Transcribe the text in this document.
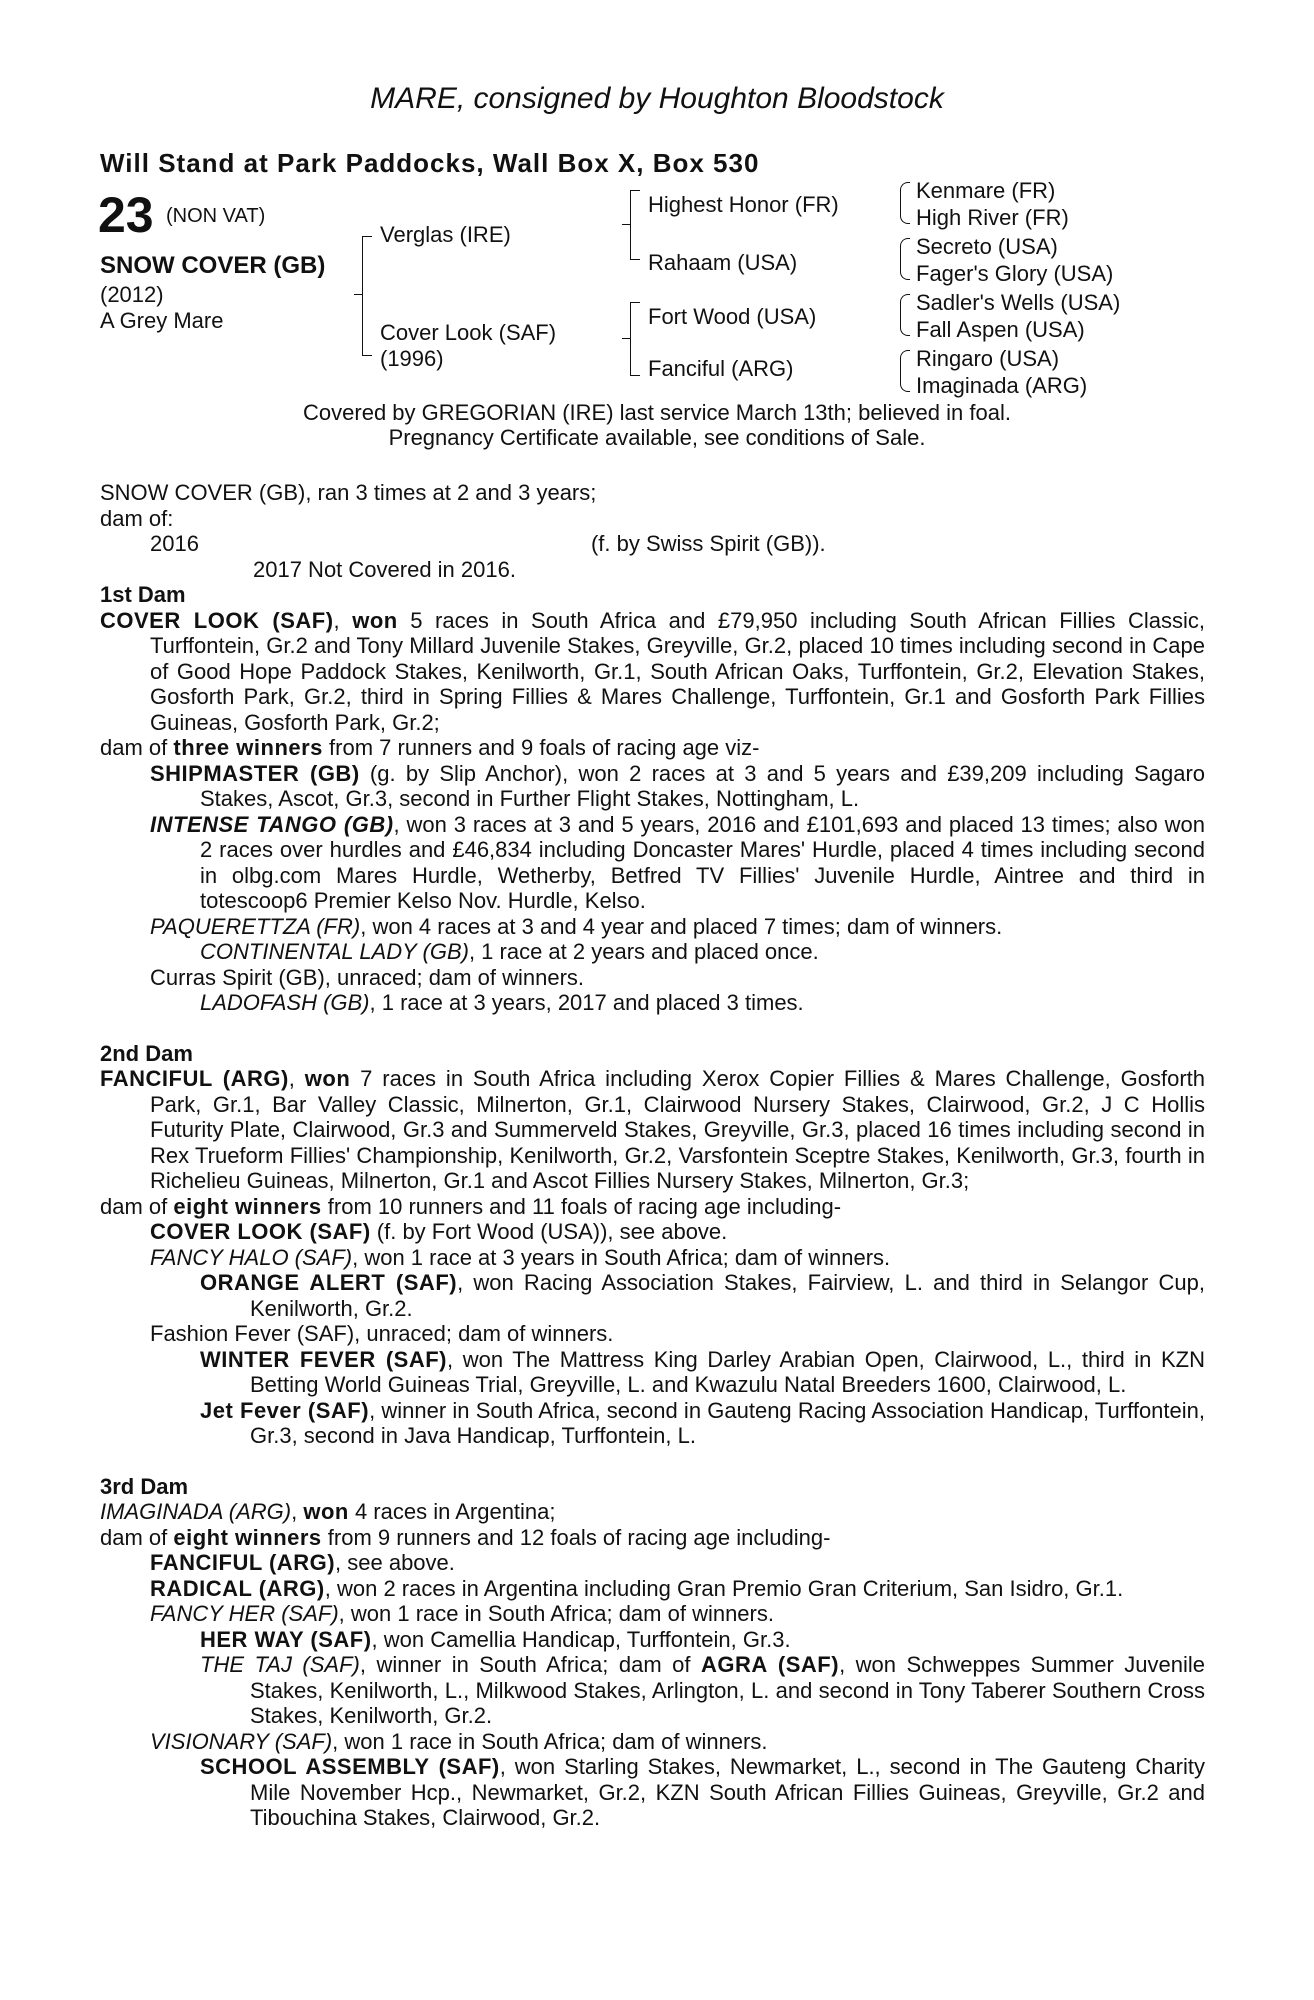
MARE, consigned by Houghton Bloodstock
Will Stand at Park Paddocks, Wall Box X, Box 530
23 (NON VAT)
SNOW COVER (GB)
(2012)
A Grey Mare
Verglas (IRE)
Cover Look (SAF)
(1996)
Highest Honor (FR)
Rahaam (USA)
Fort Wood (USA)
Fanciful (ARG)
Kenmare (FR)
High River (FR)
Secreto (USA)
Fager's Glory (USA)
Sadler's Wells (USA)
Fall Aspen (USA)
Ringaro (USA)
Imaginada (ARG)
Covered by GREGORIAN (IRE) last service March 13th; believed in foal.
Pregnancy Certificate available, see conditions of Sale.

SNOW COVER (GB), ran 3 times at 2 and 3 years;

dam of:

2016	(f. by Swiss Spirit (GB)).

2017 Not Covered in 2016.

1st Dam

COVER LOOK (SAF), won 5 races in South Africa and £79,950 including South African Fillies Classic, Turffontein, Gr.2 and Tony Millard Juvenile Stakes, Greyville, Gr.2, placed 10 times including second in Cape of Good Hope Paddock Stakes, Kenilworth, Gr.1, South African Oaks, Turffontein, Gr.2, Elevation Stakes, Gosforth Park, Gr.2, third in Spring Fillies & Mares Challenge, Turffontein, Gr.1 and Gosforth Park Fillies Guineas, Gosforth Park, Gr.2;

dam of three winners from 7 runners and 9 foals of racing age viz-

SHIPMASTER (GB) (g. by Slip Anchor), won 2 races at 3 and 5 years and £39,209 including Sagaro Stakes, Ascot, Gr.3, second in Further Flight Stakes, Nottingham, L.

INTENSE TANGO (GB), won 3 races at 3 and 5 years, 2016 and £101,693 and placed 13 times; also won 2 races over hurdles and £46,834 including Doncaster Mares' Hurdle, placed 4 times including second in olbg.com Mares Hurdle, Wetherby, Betfred TV Fillies' Juvenile Hurdle, Aintree and third in totescoop6 Premier Kelso Nov. Hurdle, Kelso.

PAQUERETTZA (FR), won 4 races at 3 and 4 year and placed 7 times; dam of winners.

CONTINENTAL LADY (GB), 1 race at 2 years and placed once.

Curras Spirit (GB), unraced; dam of winners.

LADOFASH (GB), 1 race at 3 years, 2017 and placed 3 times.

2nd Dam

FANCIFUL (ARG), won 7 races in South Africa including Xerox Copier Fillies & Mares Challenge, Gosforth Park, Gr.1, Bar Valley Classic, Milnerton, Gr.1, Clairwood Nursery Stakes, Clairwood, Gr.2, J C Hollis Futurity Plate, Clairwood, Gr.3 and Summerveld Stakes, Greyville, Gr.3, placed 16 times including second in Rex Trueform Fillies' Championship, Kenilworth, Gr.2, Varsfontein Sceptre Stakes, Kenilworth, Gr.3, fourth in Richelieu Guineas, Milnerton, Gr.1 and Ascot Fillies Nursery Stakes, Milnerton, Gr.3;

dam of eight winners from 10 runners and 11 foals of racing age including-

COVER LOOK (SAF) (f. by Fort Wood (USA)), see above.

FANCY HALO (SAF), won 1 race at 3 years in South Africa; dam of winners.

ORANGE ALERT (SAF), won Racing Association Stakes, Fairview, L. and third in Selangor Cup, Kenilworth, Gr.2.

Fashion Fever (SAF), unraced; dam of winners.

WINTER FEVER (SAF), won The Mattress King Darley Arabian Open, Clairwood, L., third in KZN Betting World Guineas Trial, Greyville, L. and Kwazulu Natal Breeders 1600, Clairwood, L.

Jet Fever (SAF), winner in South Africa, second in Gauteng Racing Association Handicap, Turffontein, Gr.3, second in Java Handicap, Turffontein, L.

3rd Dam

IMAGINADA (ARG), won 4 races in Argentina;

dam of eight winners from 9 runners and 12 foals of racing age including-

FANCIFUL (ARG), see above.

RADICAL (ARG), won 2 races in Argentina including Gran Premio Gran Criterium, San Isidro, Gr.1.

FANCY HER (SAF), won 1 race in South Africa; dam of winners.

HER WAY (SAF), won Camellia Handicap, Turffontein, Gr.3.

THE TAJ (SAF), winner in South Africa; dam of AGRA (SAF), won Schweppes Summer Juvenile Stakes, Kenilworth, L., Milkwood Stakes, Arlington, L. and second in Tony Taberer Southern Cross Stakes, Kenilworth, Gr.2.

VISIONARY (SAF), won 1 race in South Africa; dam of winners.

SCHOOL ASSEMBLY (SAF), won Starling Stakes, Newmarket, L., second in The Gauteng Charity Mile November Hcp., Newmarket, Gr.2, KZN South African Fillies Guineas, Greyville, Gr.2 and Tibouchina Stakes, Clairwood, Gr.2.
